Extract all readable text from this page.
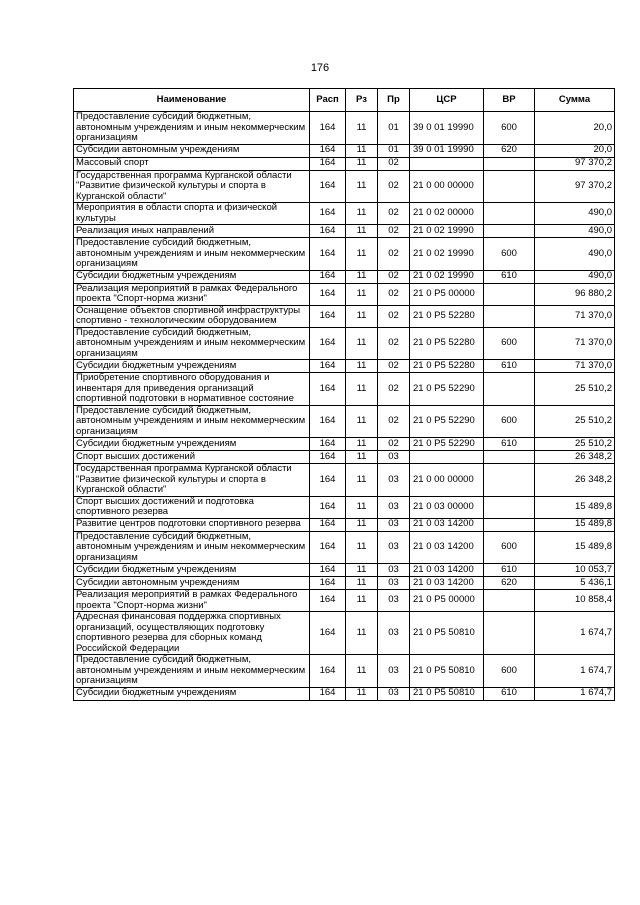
176
Наименование	Расп	Рз	Пр	ЦСР	ВР	Сумма
Предоставление субсидий бюджетным, автономным учреждениям и иным некоммерческим организациям	164	11	01	39 0 01 19990	600	20,0
Субсидии автономным учреждениям	164	11	01	39 0 01 19990	620	20,0
Массовый спорт	164	11	02			97 370,2
Государственная программа Курганской области "Развитие физической культуры и спорта в Курганской области"	164	11	02	21 0 00 00000		97 370,2
Мероприятия в области спорта и физической культуры	164	11	02	21 0 02 00000		490,0
Реализация иных направлений	164	11	02	21 0 02 19990		490,0
Предоставление субсидий бюджетным, автономным учреждениям и иным некоммерческим организациям	164	11	02	21 0 02 19990	600	490,0
Субсидии бюджетным учреждениям	164	11	02	21 0 02 19990	610	490,0
Реализация мероприятий в рамках Федерального проекта "Спорт-норма жизни"	164	11	02	21 0 P5 00000		96 880,2
Оснащение объектов спортивной инфраструктуры спортивно - технологическим оборудованием	164	11	02	21 0 P5 52280		71 370,0
Предоставление субсидий бюджетным, автономным учреждениям и иным некоммерческим организациям	164	11	02	21 0 P5 52280	600	71 370,0
Субсидии бюджетным учреждениям	164	11	02	21 0 P5 52280	610	71 370,0
Приобретение спортивного оборудования и инвентаря для приведения организаций спортивной подготовки в нормативное состояние	164	11	02	21 0 P5 52290		25 510,2
Предоставление субсидий бюджетным, автономным учреждениям и иным некоммерческим организациям	164	11	02	21 0 P5 52290	600	25 510,2
Субсидии бюджетным учреждениям	164	11	02	21 0 P5 52290	610	25 510,2
Спорт высших достижений	164	11	03			26 348,2
Государственная программа Курганской области "Развитие физической культуры и спорта в Курганской области"	164	11	03	21 0 00 00000		26 348,2
Спорт высших достижений и подготовка спортивного резерва	164	11	03	21 0 03 00000		15 489,8
Развитие центров подготовки спортивного резерва	164	11	03	21 0 03 14200		15 489,8
Предоставление субсидий бюджетным, автономным учреждениям и иным некоммерческим организациям	164	11	03	21 0 03 14200	600	15 489,8
Субсидии бюджетным учреждениям	164	11	03	21 0 03 14200	610	10 053,7
Субсидии автономным учреждениям	164	11	03	21 0 03 14200	620	5 436,1
Реализация мероприятий в рамках Федерального проекта "Спорт-норма жизни"	164	11	03	21 0 P5 00000		10 858,4
Адресная финансовая поддержка спортивных организаций, осуществляющих подготовку спортивного резерва для сборных команд Российской Федерации	164	11	03	21 0 P5 50810		1 674,7
Предоставление субсидий бюджетным, автономным учреждениям и иным некоммерческим организациям	164	11	03	21 0 P5 50810	600	1 674,7
Субсидии бюджетным учреждениям	164	11	03	21 0 P5 50810	610	1 674,7
